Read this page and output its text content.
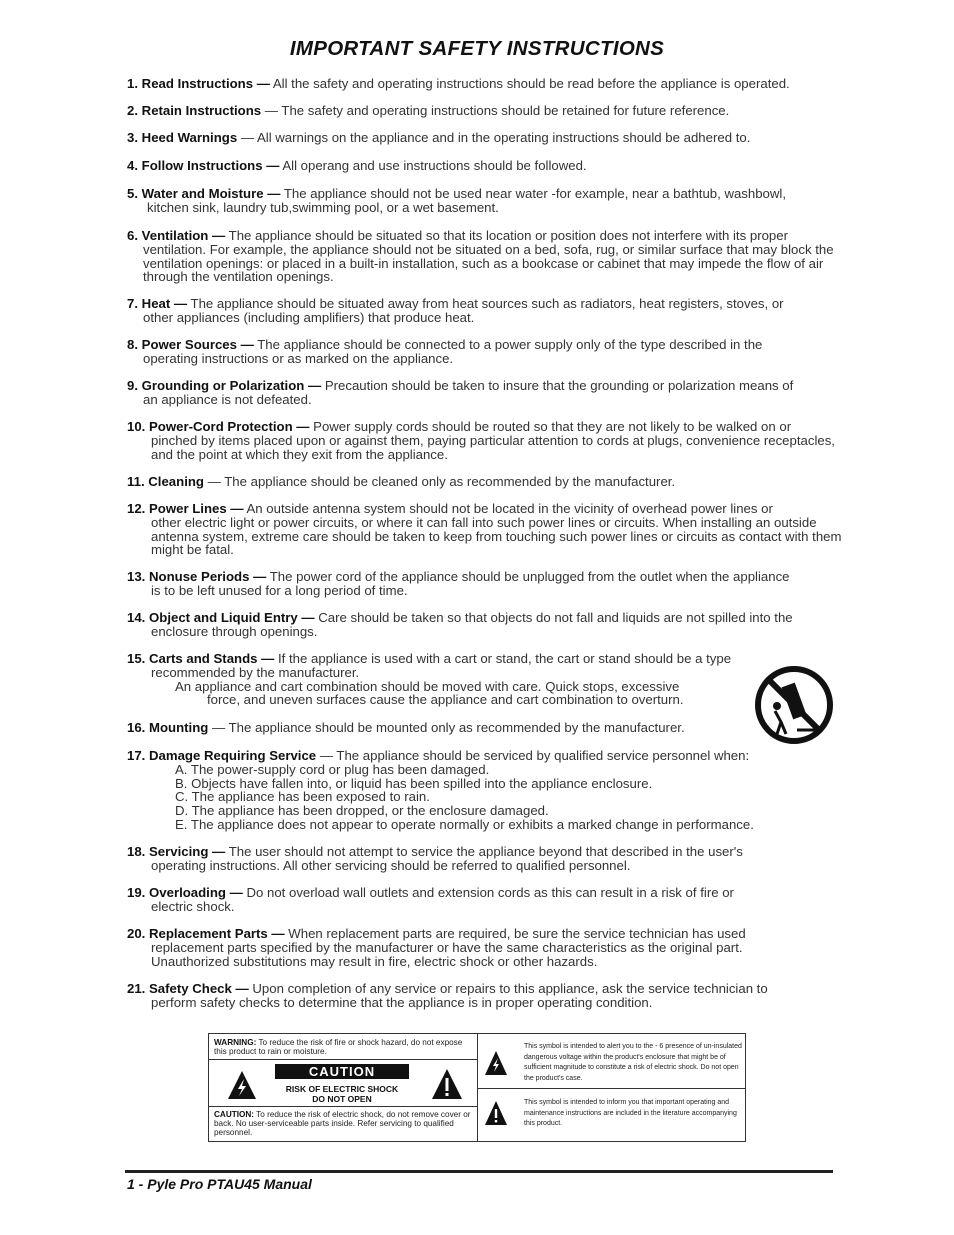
IMPORTANT SAFETY INSTRUCTIONS
1. Read Instructions — All the safety and operating instructions should be read before the appliance is operated.
2. Retain Instructions — The safety and operating instructions should be retained for future reference.
3. Heed Warnings — All warnings on the appliance and in the operating instructions should be adhered to.
4. Follow Instructions — All operang and use instructions should be followed.
5. Water and Moisture — The appliance should not be used near water -for example, near a bathtub, washbowl,
kitchen sink, laundry tub,swimming pool, or a wet basement.
6. Ventilation — The appliance should be situated so that its location or position does not interfere with its proper
ventilation. For example, the appliance should not be situated on a bed, sofa, rug, or similar surface that may block the ventilation openings: or placed in a built-in installation, such as a bookcase or cabinet that may impede the flow of air through the ventilation openings.
7. Heat — The appliance should be situated away from heat sources such as radiators, heat registers, stoves, or
other appliances (including amplifiers) that produce heat.
8. Power Sources — The appliance should be connected to a power supply only of the type described in the
operating instructions or as marked on the appliance.
9. Grounding or Polarization — Precaution should be taken to insure that the grounding or polarization means of
an appliance is not defeated.
10. Power-Cord Protection — Power supply cords should be routed so that they are not likely to be walked on or
pinched by items placed upon or against them, paying particular attention to cords at plugs, convenience receptacles, and the point at which they exit from the appliance.
11. Cleaning — The appliance should be cleaned only as recommended by the manufacturer.
12. Power Lines — An outside antenna system should not be located in the vicinity of overhead power lines or
other electric light or power circuits, or where it can fall into such power lines or circuits. When installing an outside antenna system, extreme care should be taken to keep from touching such power lines or circuits as contact with them might be fatal.
13. Nonuse Periods — The power cord of the appliance should be unplugged from the outlet when the appliance
is to be left unused for a long period of time.
14. Object and Liquid Entry — Care should be taken so that objects do not fall and liquids are not spilled into the
enclosure through openings.
15. Carts and Stands — If the appliance is used with a cart or stand, the cart or stand should be a type
recommended by the manufacturer.
An appliance and cart combination should be moved with care. Quick stops, excessive
force, and uneven surfaces cause the appliance and cart combination to overturn.
16. Mounting — The appliance should be mounted only as recommended by the manufacturer.
17. Damage Requiring Service — The appliance should be serviced by qualified service personnel when:
A. The power-supply cord or plug has been damaged.
B. Objects have fallen into, or liquid has been spilled into the appliance enclosure.
C. The appliance has been exposed to rain.
D. The appliance has been dropped, or the enclosure damaged.
E. The appliance does not appear to operate normally or exhibits a marked change in performance.
18. Servicing — The user should not attempt to service the appliance beyond that described in the user's
operating instructions. All other servicing should be referred to qualified personnel.
19. Overloading — Do not overload wall outlets and extension cords as this can result in a risk of fire or
electric shock.
20. Replacement Parts — When replacement parts are required, be sure the service technician has used
replacement parts specified by the manufacturer or have the same characteristics as the original part. Unauthorized substitutions may result in fire, electric shock or other hazards.
21. Safety Check — Upon completion of any service or repairs to this appliance, ask the service technician to
perform safety checks to determine that the appliance is in proper operating condition.
WARNING: To reduce the risk of fire or shock hazard, do not expose this product to rain or moisture.
CAUTION
RISK OF ELECTRIC SHOCK
DO NOT OPEN
CAUTION: To reduce the risk of electric shock, do not remove cover or back. No user-serviceable parts inside. Refer servicing to qualified personnel.
This symbol is intended to alert you to the - 6 presence of un-insulated dangerous voltage within the product's enclosure that might be of sufficient magnitude to constitute a risk of electric shock. Do not open the product's case.
This symbol is intended to inform you that important operating and maintenance instructions are included in the literature accompanying this product.
1 - Pyle Pro PTAU45 Manual
